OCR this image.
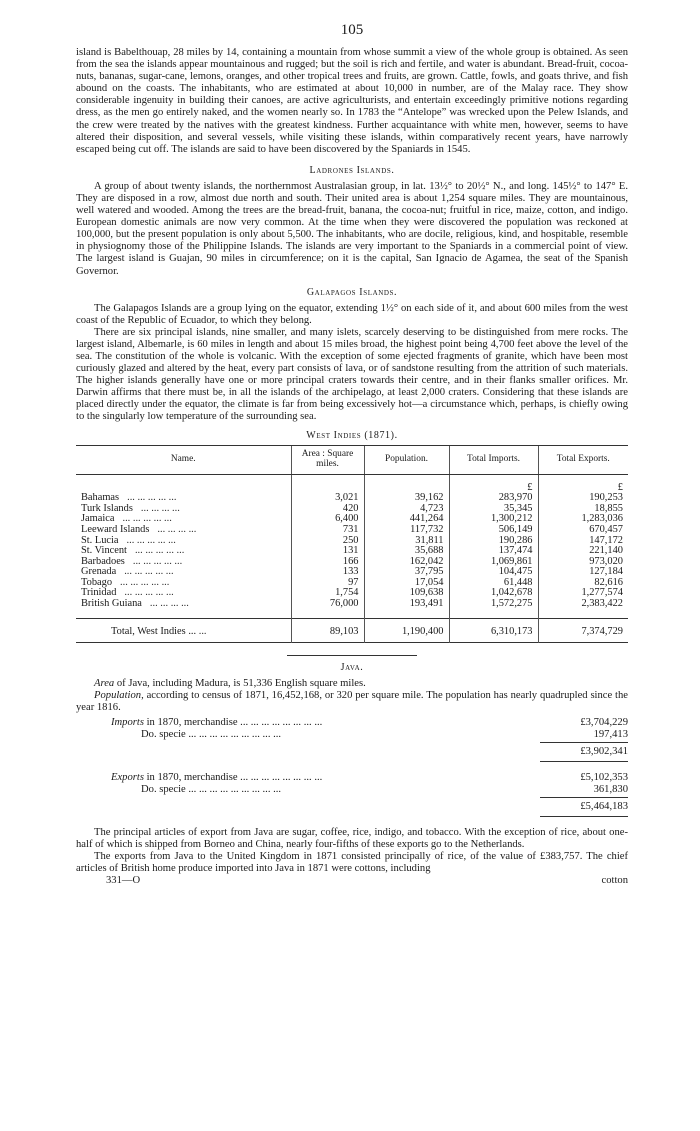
105

island is Babelthouap, 28 miles by 14, containing a mountain from whose summit a view of the whole group is obtained. As seen from the sea the islands appear mountainous and rugged; but the soil is rich and fertile, and water is abundant. Bread-fruit, cocoa-nuts, bananas, sugar-cane, lemons, oranges, and other tropical trees and fruits, are grown. Cattle, fowls, and goats thrive, and fish abound on the coasts. The inhabitants, who are estimated at about 10,000 in number, are of the Malay race. They show considerable ingenuity in building their canoes, are active agriculturists, and entertain exceedingly primitive notions regarding dress, as the men go entirely naked, and the women nearly so. In 1783 the “Antelope” was wrecked upon the Pelew Islands, and the crew were treated by the natives with the greatest kindness. Further acquaintance with white men, however, seems to have altered their disposition, and several vessels, while visiting these islands, within comparatively recent years, have narrowly escaped being cut off. The islands are said to have been discovered by the Spaniards in 1545.

Ladrones Islands.

A group of about twenty islands, the northernmost Australasian group, in lat. 13½° to 20½° N., and long. 145½° to 147° E. They are disposed in a row, almost due north and south. Their united area is about 1,254 square miles. They are mountainous, well watered and wooded. Among the trees are the bread-fruit, banana, the cocoa-nut; fruitful in rice, maize, cotton, and indigo. European domestic animals are now very common. At the time when they were discovered the population was reckoned at 100,000, but the present population is only about 5,500. The inhabitants, who are docile, religious, kind, and hospitable, resemble in physiognomy those of the Philippine Islands. The islands are very important to the Spaniards in a commercial point of view. The largest island is Guajan, 90 miles in circumference; on it is the capital, San Ignacio de Agamea, the seat of the Spanish Governor.

Galapagos Islands.

The Galapagos Islands are a group lying on the equator, extending 1½° on each side of it, and about 600 miles from the west coast of the Republic of Ecuador, to which they belong.

There are six principal islands, nine smaller, and many islets, scarcely deserving to be distinguished from mere rocks. The largest island, Albemarle, is 60 miles in length and about 15 miles broad, the highest point being 4,700 feet above the level of the sea. The constitution of the whole is volcanic. With the exception of some ejected fragments of granite, which have been most curiously glazed and altered by the heat, every part consists of lava, or of sandstone resulting from the attrition of such materials. The higher islands generally have one or more principal craters towards their centre, and in their flanks smaller orifices. Mr. Darwin affirms that there must be, in all the islands of the archipelago, at least 2,000 craters. Considering that these islands are placed directly under the equator, the climate is far from being excessively hot—a circumstance which, perhaps, is chiefly owing to the singularly low temperature of the surrounding sea.

West Indies (1871).
Name.	Area : Square miles.	Population.	Total Imports.	Total Exports.
			£	£
Bahamas ... ... ... ... ...	3,021	39,162	283,970	190,253
Turk Islands ... ... ... ...	420	4,723	35,345	18,855
Jamaica ... ... ... ... ...	6,400	441,264	1,300,212	1,283,036
Leeward Islands ... ... ... ...	731	117,732	506,149	670,457
St. Lucia ... ... ... ... ...	250	31,811	190,286	147,172
St. Vincent ... ... ... ... ...	131	35,688	137,474	221,140
Barbadoes ... ... ... ... ...	166	162,042	1,069,861	973,020
Grenada ... ... ... ... ...	133	37,795	104,475	127,184
Tobago ... ... ... ... ...	97	17,054	61,448	82,616
Trinidad ... ... ... ... ...	1,754	109,638	1,042,678	1,277,574
British Guiana ... ... ... ...	76,000	193,491	1,572,275	2,383,422
Total, West Indies ... ...	89,103	1,190,400	6,310,173	7,374,729
Java.

Area of Java, including Madura, is 51,336 English square miles.

Population, according to census of 1871, 16,452,168, or 320 per square mile. The population has nearly quadrupled since the year 1816.

Imports in 1870, merchandise ... ... ... ... ... ... ... ...	£3,704,229
Do. specie ... ... ... ... ... ... ... ... ...	197,413
£3,902,341
Exports in 1870, merchandise ... ... ... ... ... ... ... ...	£5,102,353
Do. specie ... ... ... ... ... ... ... ... ...	361,830
£5,464,183

The principal articles of export from Java are sugar, coffee, rice, indigo, and tobacco. With the exception of rice, about one-half of which is shipped from Borneo and China, nearly four-fifths of these exports go to the Netherlands.

The exports from Java to the United Kingdom in 1871 consisted principally of rice, of the value of £383,757. The chief articles of British home produce imported into Java in 1871 were cottons, including

331—O	cotton
